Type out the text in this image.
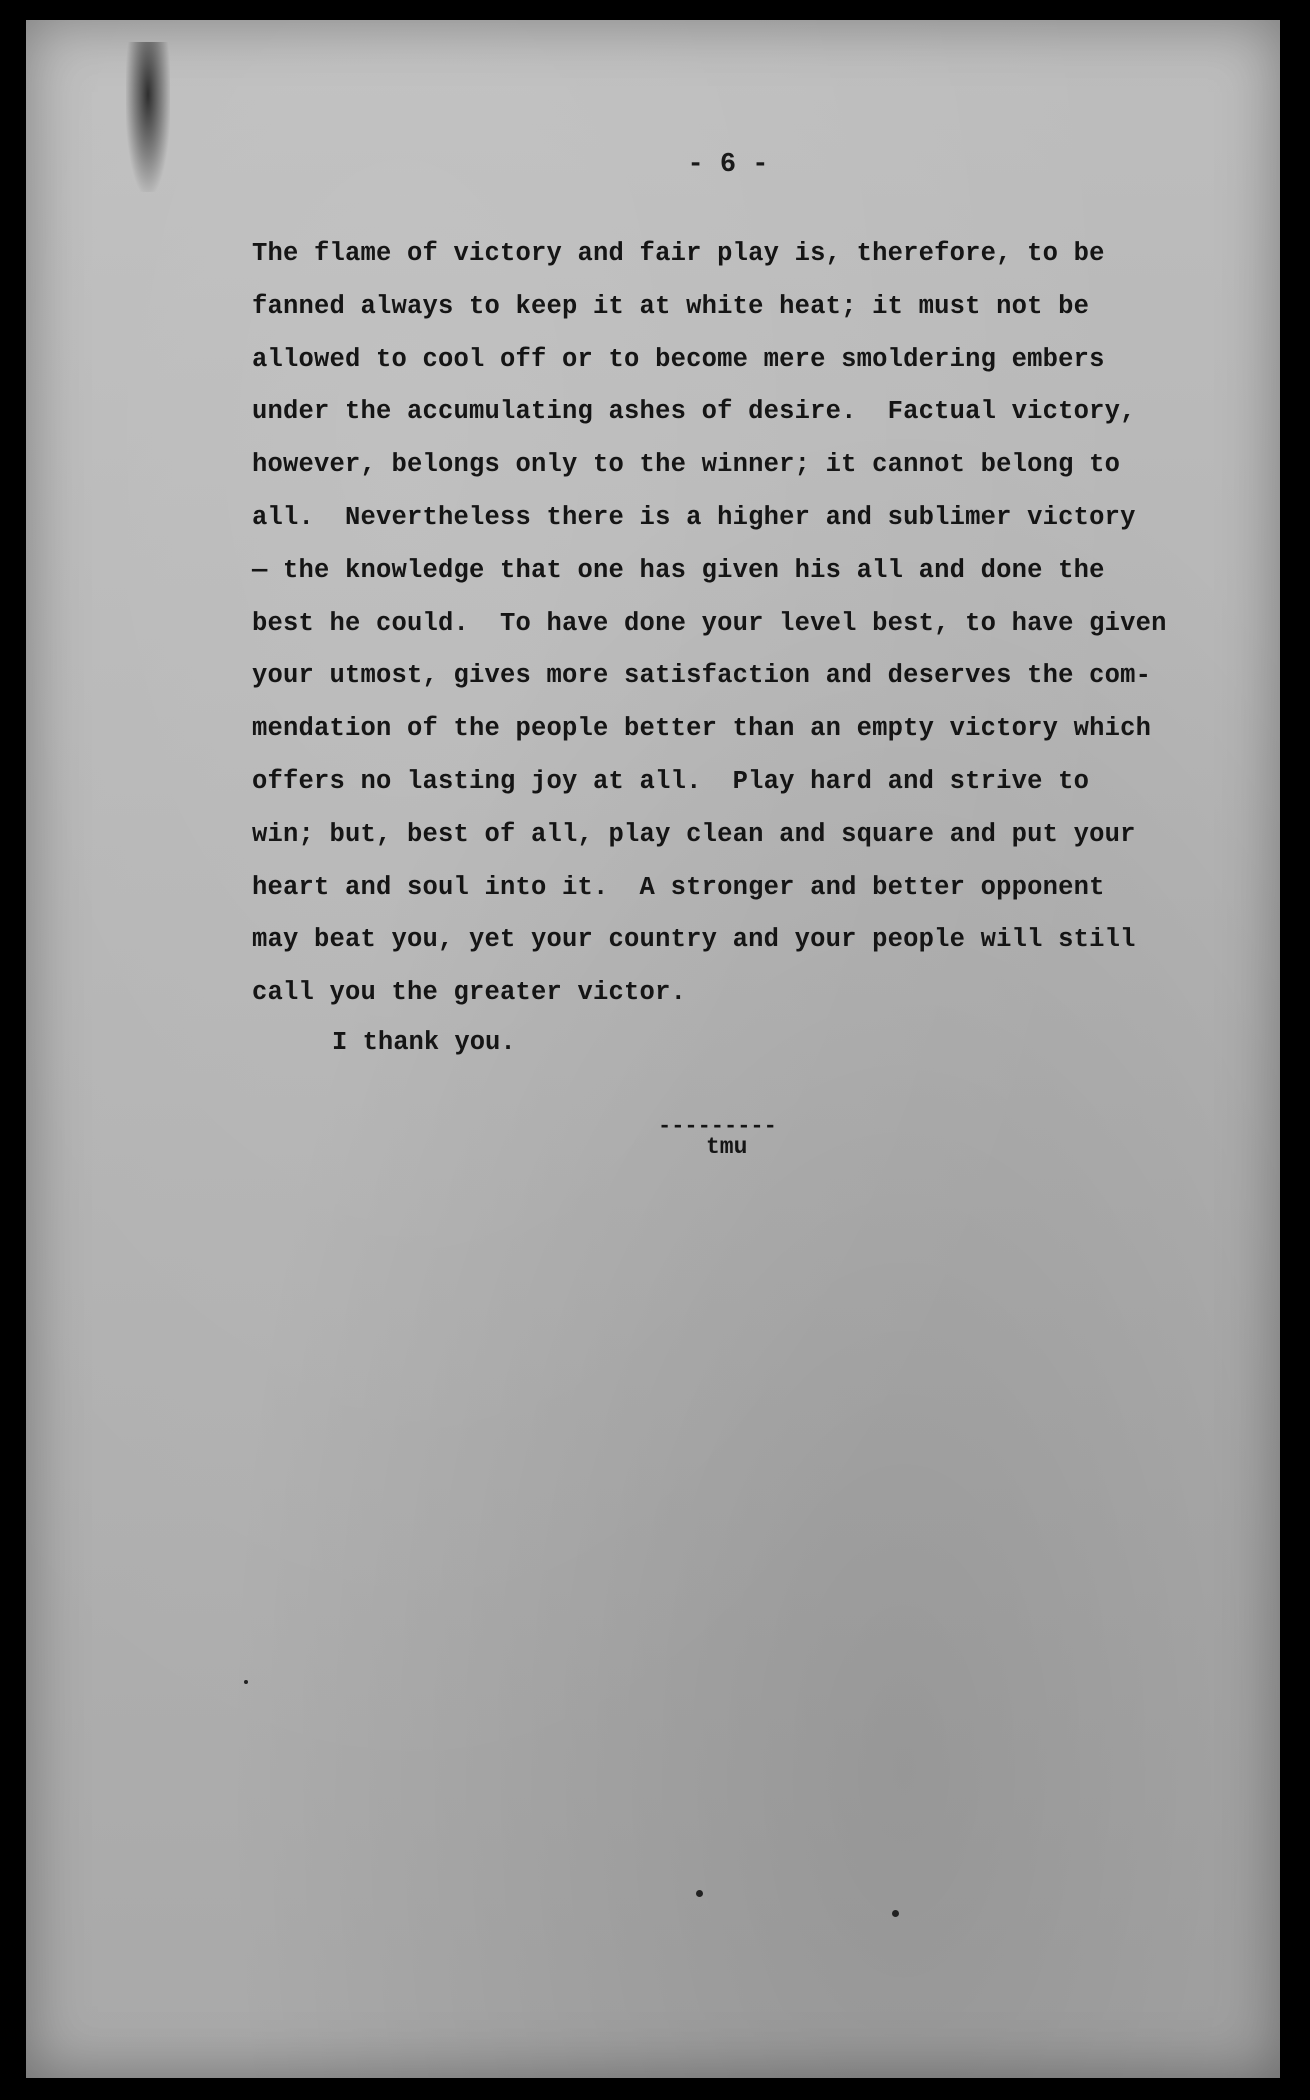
- 6 -
The flame of victory and fair play is, therefore, to be
fanned always to keep it at white heat; it must not be
allowed to cool off or to become mere smoldering embers
under the accumulating ashes of desire.  Factual victory,
however, belongs only to the winner; it cannot belong to
all.  Nevertheless there is a higher and sublimer victory
— the knowledge that one has given his all and done the
best he could.  To have done your level best, to have given
your utmost, gives more satisfaction and deserves the com-
mendation of the people better than an empty victory which
offers no lasting joy at all.  Play hard and strive to
win; but, best of all, play clean and square and put your
heart and soul into it.  A stronger and better opponent
may beat you, yet your country and your people will still
call you the greater victor.
I thank you.
---------
tmu
